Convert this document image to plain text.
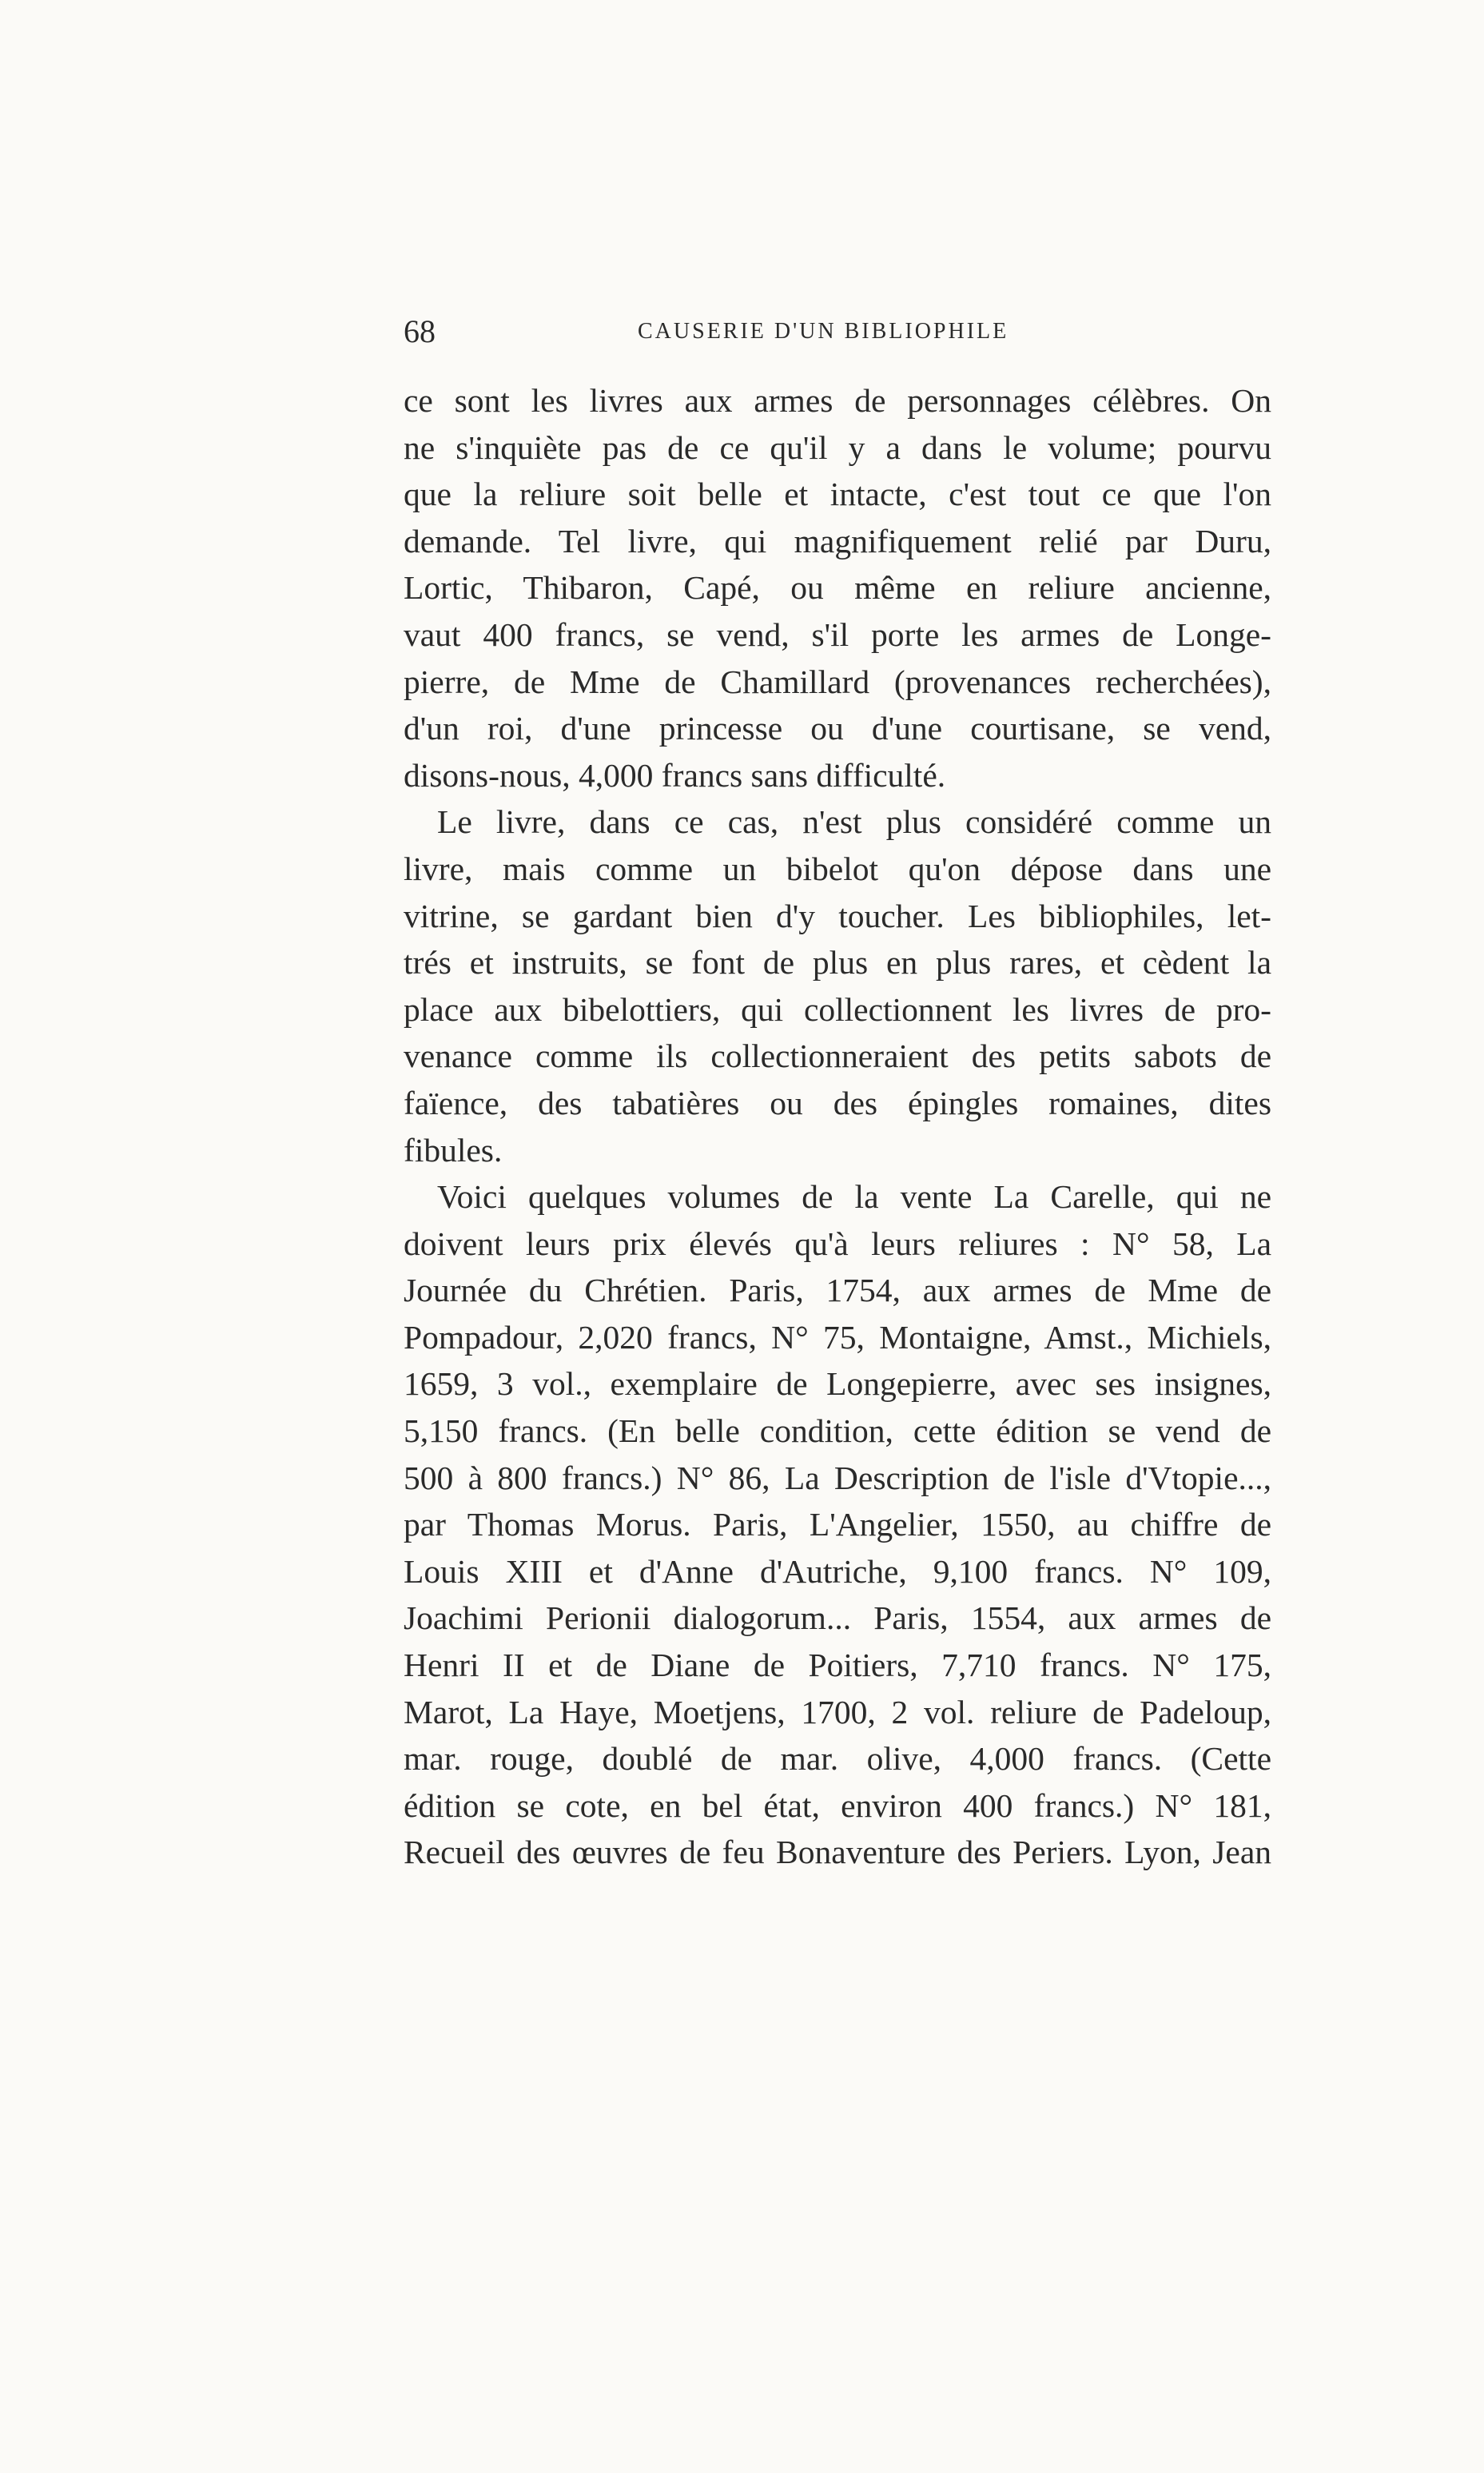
68	CAUSERIE D'UN BIBLIOPHILE
ce sont les livres aux armes de personnages célèbres. On
ne s'inquiète pas de ce qu'il y a dans le volume; pourvu
que la reliure soit belle et intacte, c'est tout ce que l'on
demande. Tel livre, qui magnifiquement relié par Duru,
Lortic, Thibaron, Capé, ou même en reliure ancienne,
vaut 400 francs, se vend, s'il porte les armes de Longe-
pierre, de Mme de Chamillard (provenances recherchées),
d'un roi, d'une princesse ou d'une courtisane, se vend,
disons-nous, 4,000 francs sans difficulté.
Le livre, dans ce cas, n'est plus considéré comme un
livre, mais comme un bibelot qu'on dépose dans une
vitrine, se gardant bien d'y toucher. Les bibliophiles, let-
trés et instruits, se font de plus en plus rares, et cèdent la
place aux bibelottiers, qui collectionnent les livres de pro-
venance comme ils collectionneraient des petits sabots de
faïence, des tabatières ou des épingles romaines, dites
fibules.
Voici quelques volumes de la vente La Carelle, qui ne
doivent leurs prix élevés qu'à leurs reliures : N° 58, La
Journée du Chrétien. Paris, 1754, aux armes de Mme de
Pompadour, 2,020 francs, N° 75, Montaigne, Amst., Michiels,
1659, 3 vol., exemplaire de Longepierre, avec ses insignes,
5,150 francs. (En belle condition, cette édition se vend de
500 à 800 francs.) N° 86, La Description de l'isle d'Vtopie...,
par Thomas Morus. Paris, L'Angelier, 1550, au chiffre de
Louis XIII et d'Anne d'Autriche, 9,100 francs. N° 109,
Joachimi Perionii dialogorum... Paris, 1554, aux armes de
Henri II et de Diane de Poitiers, 7,710 francs. N° 175,
Marot, La Haye, Moetjens, 1700, 2 vol. reliure de Padeloup,
mar. rouge, doublé de mar. olive, 4,000 francs. (Cette
édition se cote, en bel état, environ 400 francs.) N° 181,
Recueil des œuvres de feu Bonaventure des Periers. Lyon, Jean
